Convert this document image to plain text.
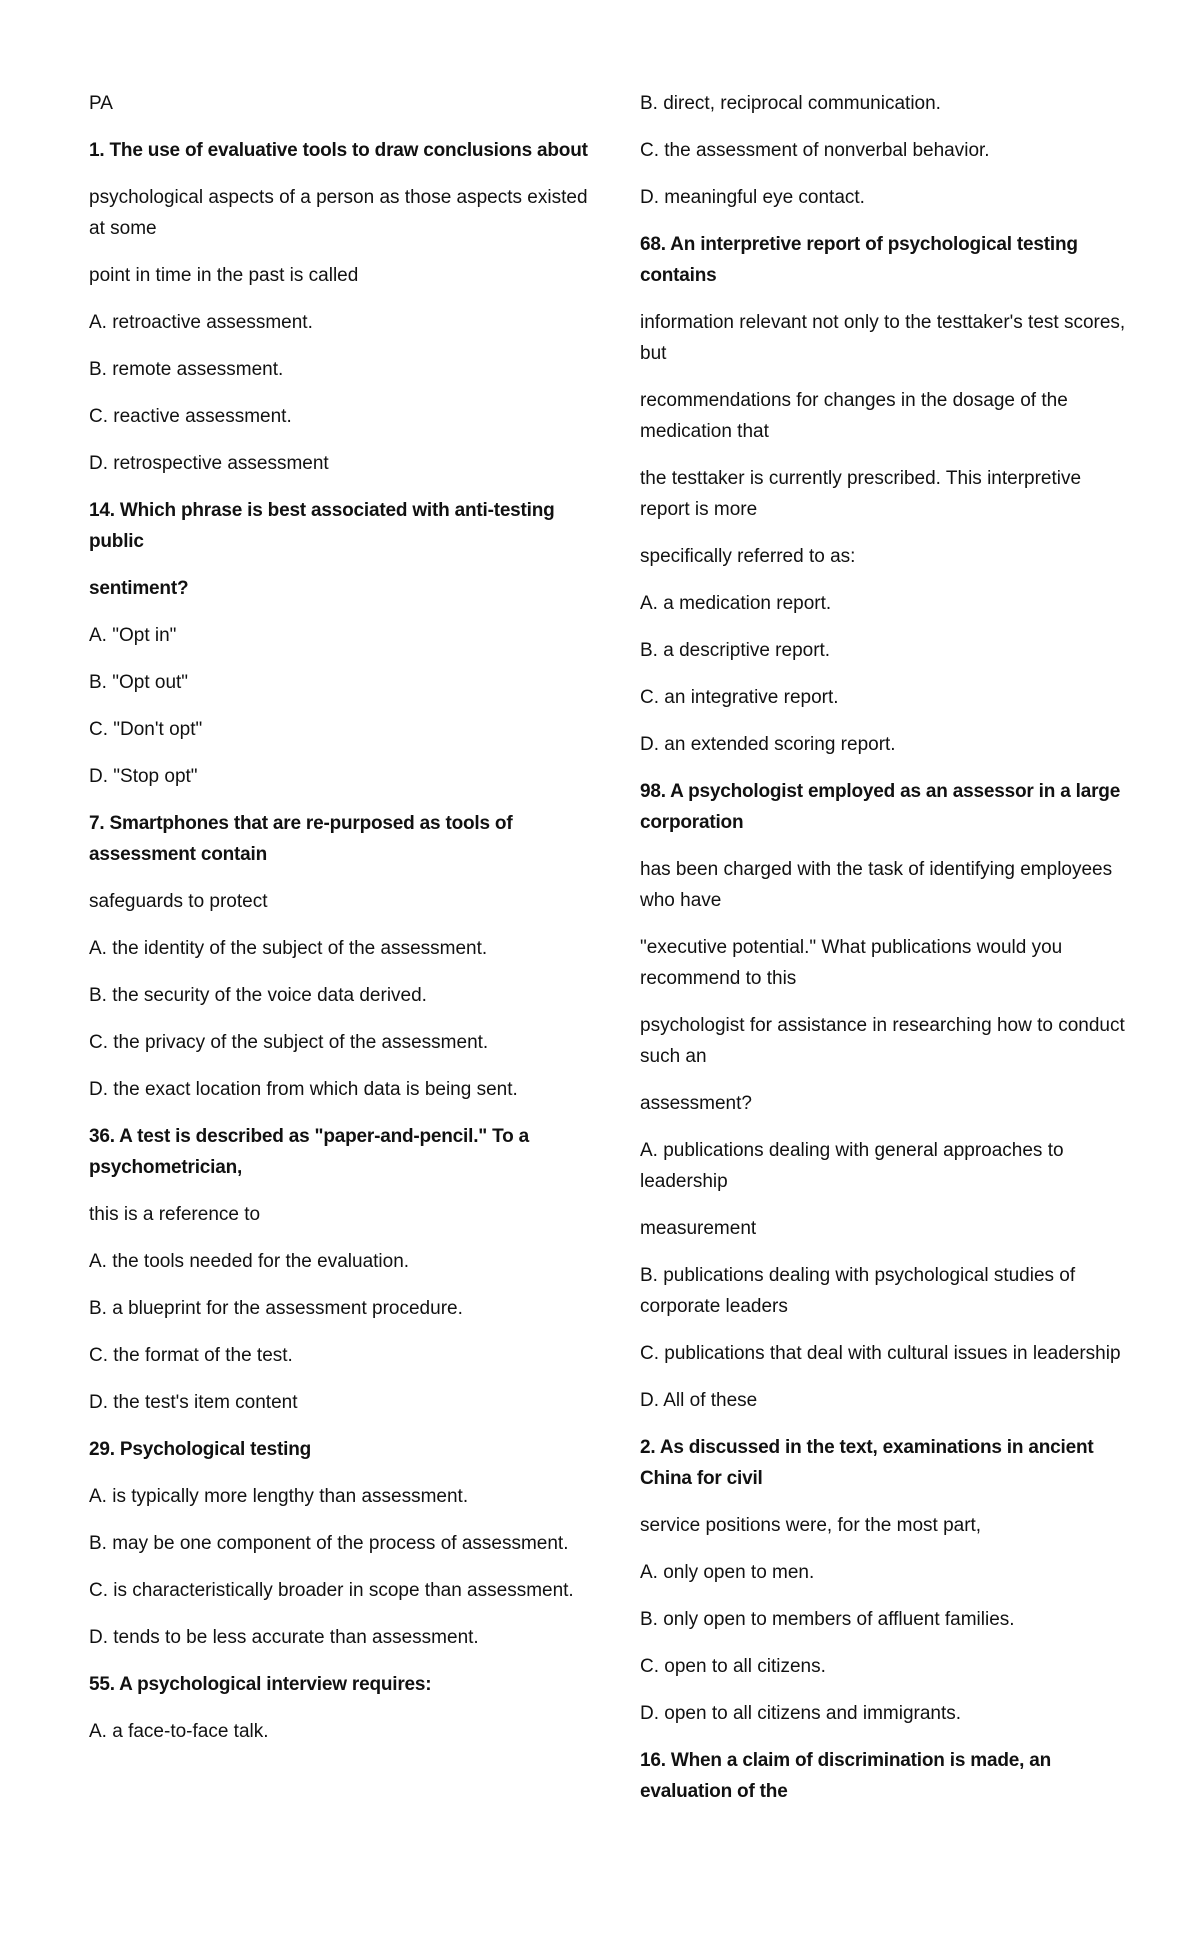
PA
1. The use of evaluative tools to draw conclusions about
psychological aspects of a person as those aspects existed at some
point in time in the past is called
A. retroactive assessment.
B. remote assessment.
C. reactive assessment.
D. retrospective assessment
14. Which phrase is best associated with anti-testing public
sentiment?
A. "Opt in"
B. "Opt out"
C. "Don't opt"
D. "Stop opt"
7. Smartphones that are re-purposed as tools of assessment contain
safeguards to protect
A. the identity of the subject of the assessment.
B. the security of the voice data derived.
C. the privacy of the subject of the assessment.
D. the exact location from which data is being sent.
36. A test is described as "paper-and-pencil." To a psychometrician,
this is a reference to
A. the tools needed for the evaluation.
B. a blueprint for the assessment procedure.
C. the format of the test.
D. the test's item content
29. Psychological testing
A. is typically more lengthy than assessment.
B. may be one component of the process of assessment.
C. is characteristically broader in scope than assessment.
D. tends to be less accurate than assessment.
55. A psychological interview requires:
A. a face-to-face talk.
B. direct, reciprocal communication.
C. the assessment of nonverbal behavior.
D. meaningful eye contact.
68. An interpretive report of psychological testing contains
information relevant not only to the testtaker's test scores, but
recommendations for changes in the dosage of the medication that
the testtaker is currently prescribed. This interpretive report is more
specifically referred to as:
A. a medication report.
B. a descriptive report.
C. an integrative report.
D. an extended scoring report.
98. A psychologist employed as an assessor in a large corporation
has been charged with the task of identifying employees who have
"executive potential." What publications would you recommend to this
psychologist for assistance in researching how to conduct such an
assessment?
A. publications dealing with general approaches to leadership
measurement
B. publications dealing with psychological studies of corporate leaders
C. publications that deal with cultural issues in leadership
D. All of these
2. As discussed in the text, examinations in ancient China for civil
service positions were, for the most part,
A. only open to men.
B. only open to members of affluent families.
C. open to all citizens.
D. open to all citizens and immigrants.
16. When a claim of discrimination is made, an evaluation of the
